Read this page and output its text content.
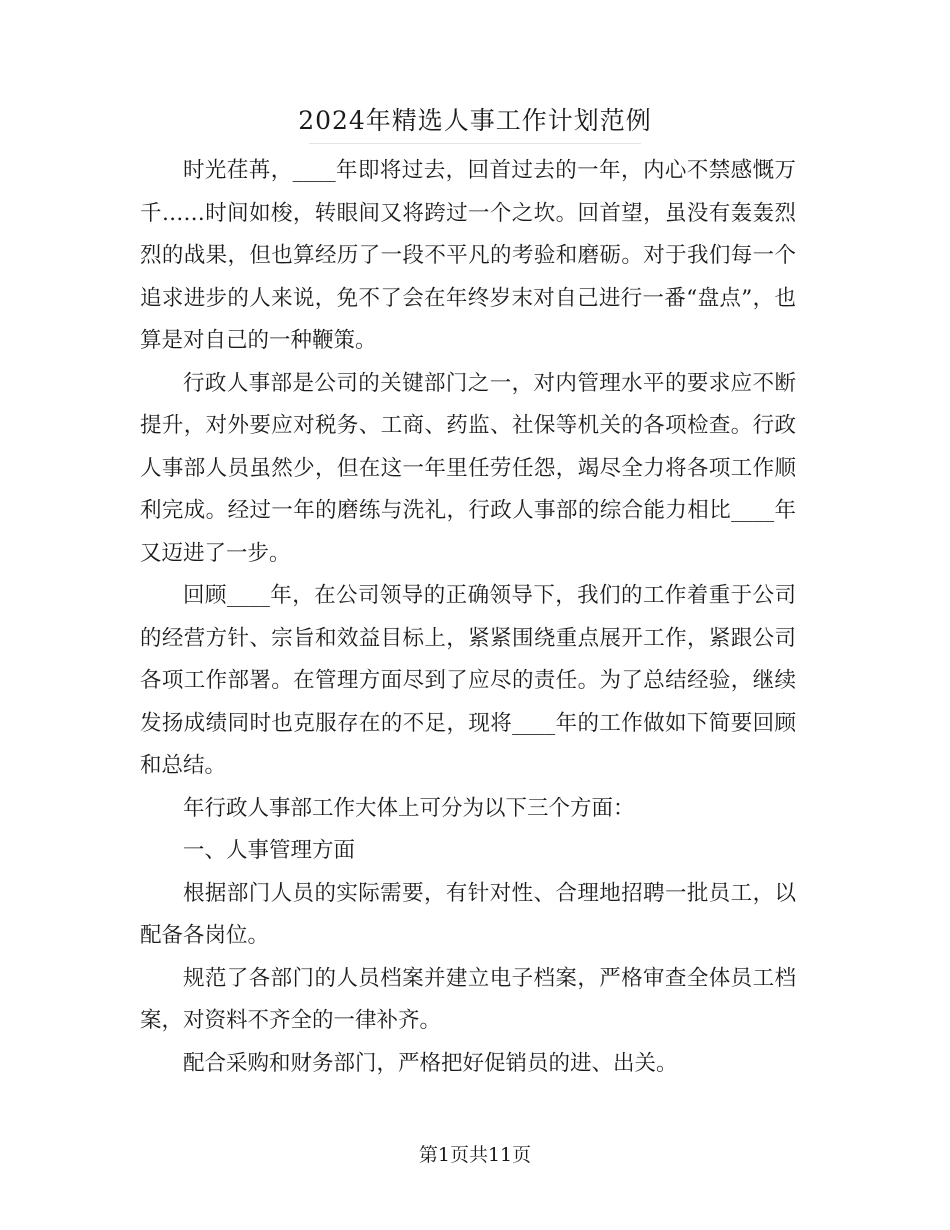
2024年精选人事工作计划范例

时光荏苒，____年即将过去，回首过去的一年，内心不禁感慨万千……时间如梭，转眼间又将跨过一个之坎。回首望，虽没有轰轰烈烈的战果，但也算经历了一段不平凡的考验和磨砺。对于我们每一个追求进步的人来说，免不了会在年终岁末对自己进行一番“盘点”，也算是对自己的一种鞭策。

行政人事部是公司的关键部门之一，对内管理水平的要求应不断提升，对外要应对税务、工商、药监、社保等机关的各项检查。行政人事部人员虽然少，但在这一年里任劳任怨，竭尽全力将各项工作顺利完成。经过一年的磨练与洗礼，行政人事部的综合能力相比____年又迈进了一步。

回顾____年，在公司领导的正确领导下，我们的工作着重于公司的经营方针、宗旨和效益目标上，紧紧围绕重点展开工作，紧跟公司各项工作部署。在管理方面尽到了应尽的责任。为了总结经验，继续发扬成绩同时也克服存在的不足，现将____年的工作做如下简要回顾和总结。

年行政人事部工作大体上可分为以下三个方面：

一、人事管理方面

根据部门人员的实际需要，有针对性、合理地招聘一批员工，以配备各岗位。

规范了各部门的人员档案并建立电子档案，严格审查全体员工档案，对资料不齐全的一律补齐。

配合采购和财务部门，严格把好促销员的进、出关。

第1页共11页
